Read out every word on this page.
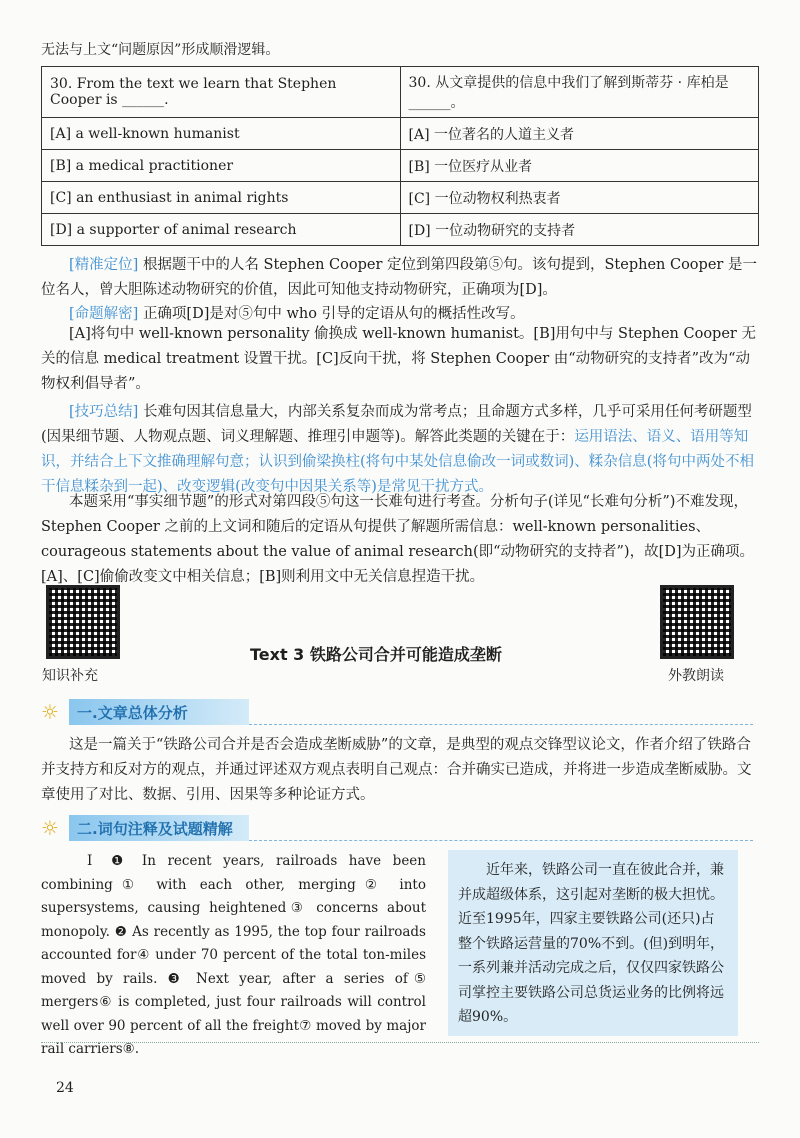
无法与上文“问题原因”形成顺滑逻辑。
30. From the text we learn that Stephen Cooper is ______.	30. 从文章提供的信息中我们了解到斯蒂芬 · 库柏是______。
[A] a well-known humanist	[A] 一位著名的人道主义者
[B] a medical practitioner	[B] 一位医疗从业者
[C] an enthusiast in animal rights	[C] 一位动物权利热衷者
[D] a supporter of animal research	[D] 一位动物研究的支持者
[精准定位] 根据题干中的人名 Stephen Cooper 定位到第四段第⑤句。该句提到，Stephen Cooper 是一位名人，曾大胆陈述动物研究的价值，因此可知他支持动物研究，正确项为[D]。
[命题解密] 正确项[D]是对⑤句中 who 引导的定语从句的概括性改写。
[A]将句中 well-known personality 偷换成 well-known humanist。[B]用句中与 Stephen Cooper 无关的信息 medical treatment 设置干扰。[C]反向干扰，将 Stephen Cooper 由“动物研究的支持者”改为“动物权利倡导者”。
[技巧总结] 长难句因其信息量大，内部关系复杂而成为常考点；且命题方式多样，几乎可采用任何考研题型(因果细节题、人物观点题、词义理解题、推理引申题等)。解答此类题的关键在于：运用语法、语义、语用等知识，并结合上下文推确理解句意；认识到偷梁换柱(将句中某处信息偷改一词或数词)、糅杂信息(将句中两处不相干信息糅杂到一起)、改变逻辑(改变句中因果关系等)是常见干扰方式。
本题采用“事实细节题”的形式对第四段⑤句这一长难句进行考查。分析句子(详见“长难句分析”)不难发现，Stephen Cooper 之前的上文词和随后的定语从句提供了解题所需信息：well-known personalities、courageous statements about the value of animal research(即“动物研究的支持者”)，故[D]为正确项。[A]、[C]偷偷改变文中相关信息；[B]则利用文中无关信息捏造干扰。
知识补充
Text 3 铁路公司合并可能造成垄断
外教朗读
☼ 一.文章总体分析
这是一篇关于“铁路公司合并是否会造成垄断威胁”的文章，是典型的观点交锋型议论文，作者介绍了铁路合并支持方和反对方的观点，并通过评述双方观点表明自己观点：合并确实已造成，并将进一步造成垄断威胁。文章使用了对比、数据、引用、因果等多种论证方式。
☼ 二.词句注释及试题精解
Ⅰ ❶ In recent years, railroads have been combining① with each other, merging② into supersystems, causing heightened③ concerns about monopoly. ❷ As recently as 1995, the top four railroads accounted for④ under 70 percent of the total ton-miles moved by rails. ❸ Next year, after a series of⑤ mergers⑥ is completed, just four railroads will control well over 90 percent of all the freight⑦ moved by major rail carriers⑧.
近年来，铁路公司一直在彼此合并，兼并成超级体系，这引起对垄断的极大担忧。近至1995年，四家主要铁路公司(还只)占整个铁路运营量的70%不到。(但)到明年，一系列兼并活动完成之后，仅仅四家铁路公司掌控主要铁路公司总货运业务的比例将远超90%。
24
